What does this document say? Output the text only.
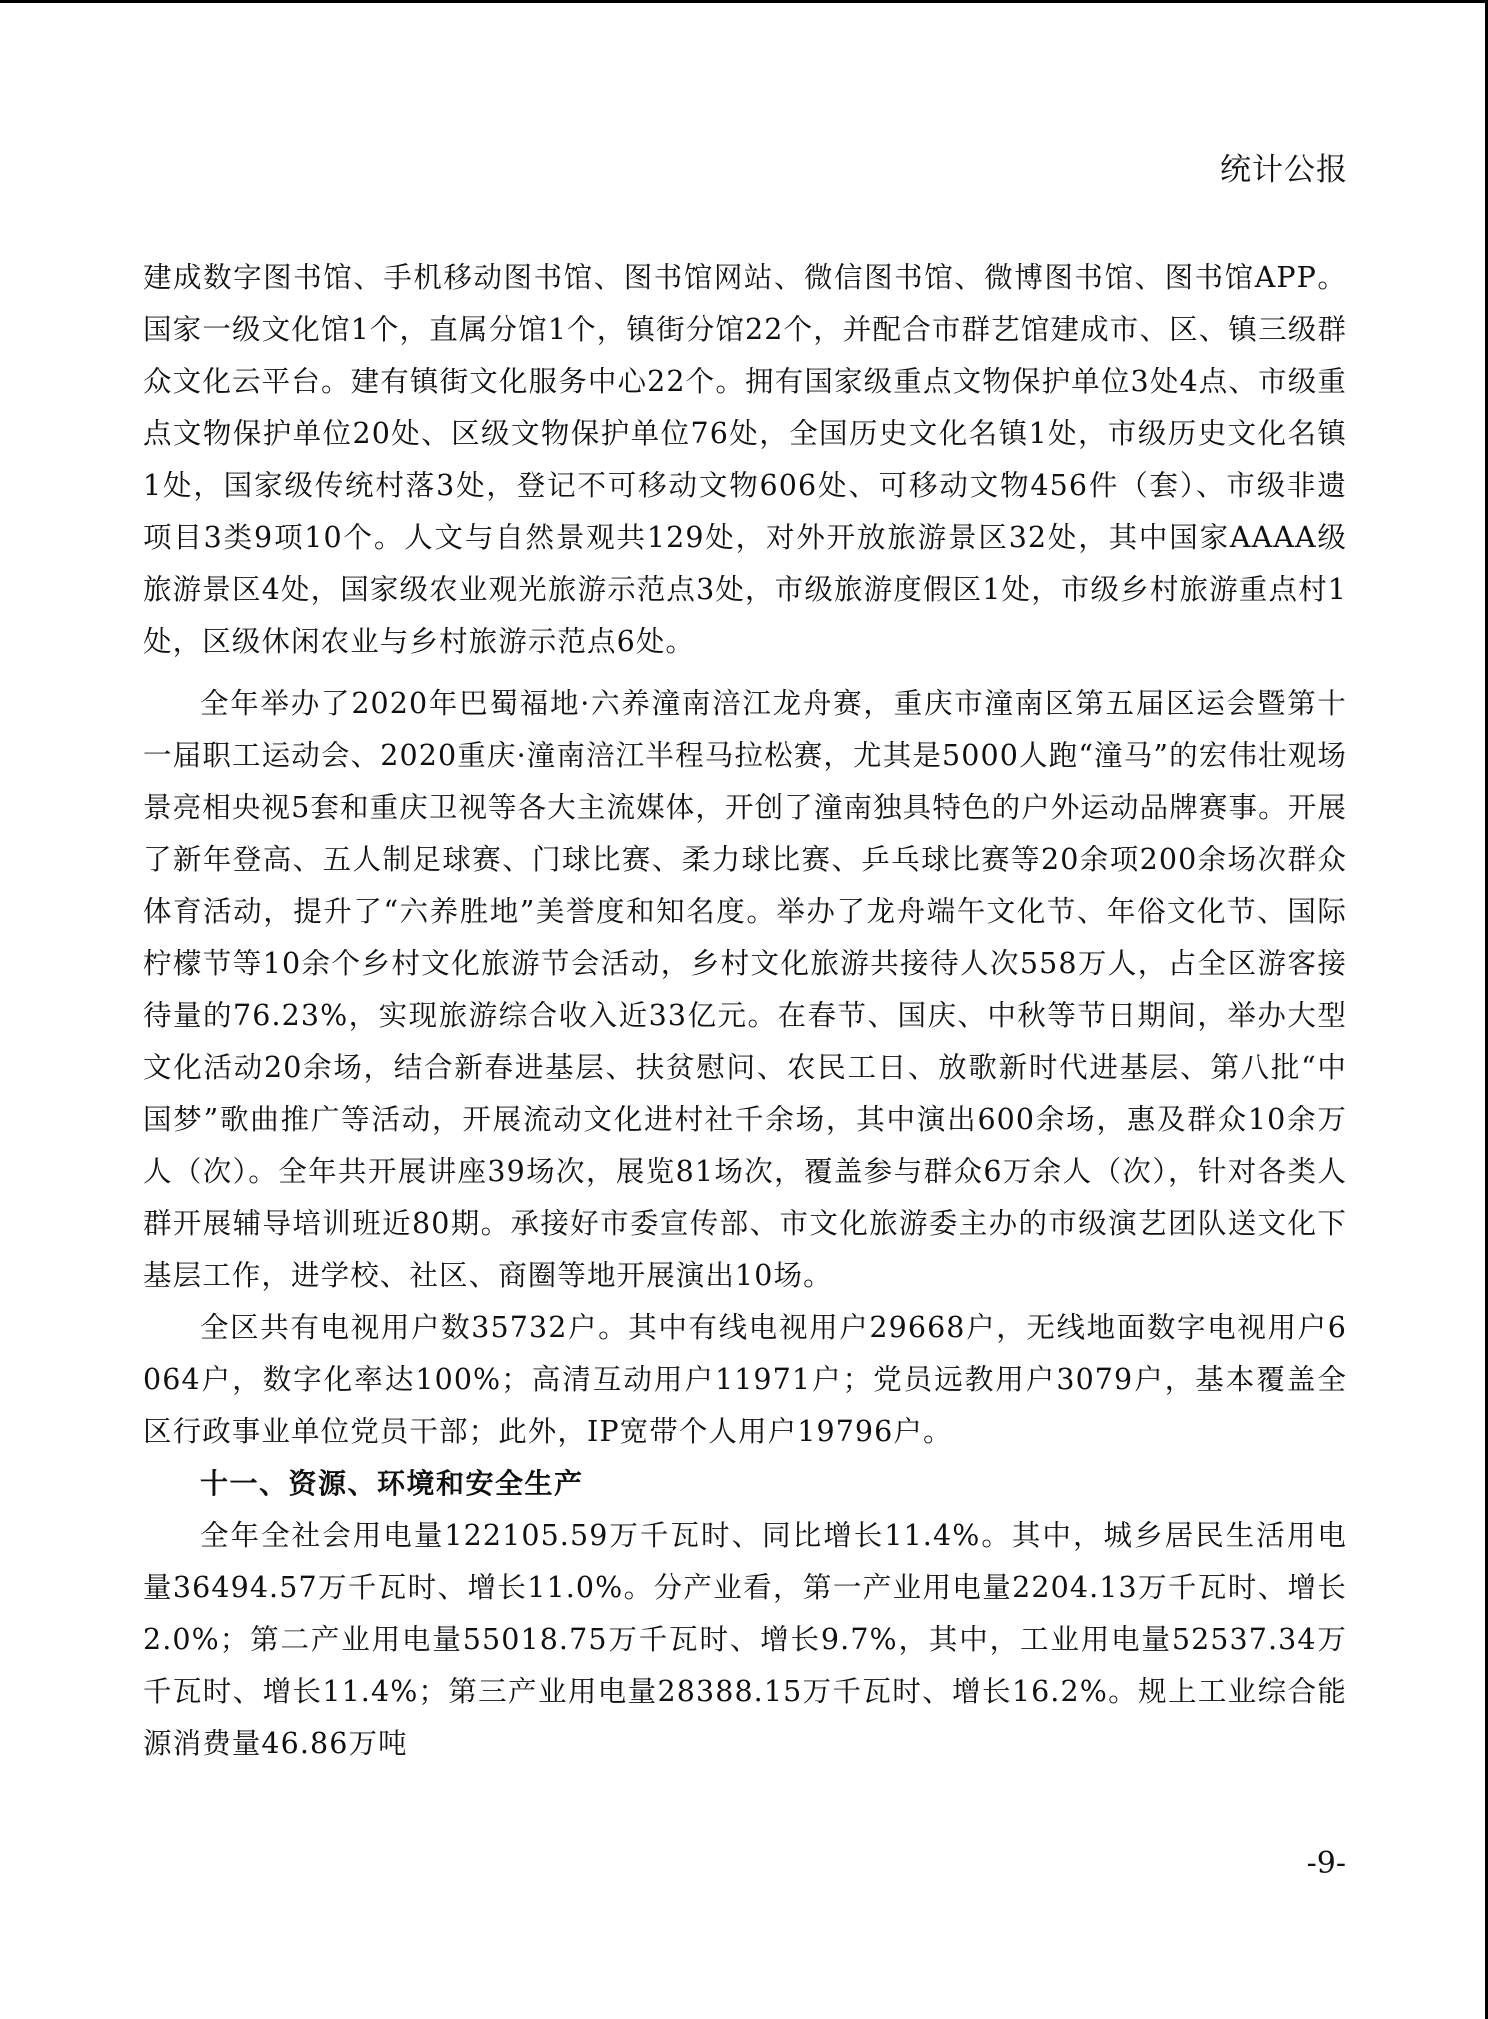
统计公报

建成数字图书馆、手机移动图书馆、图书馆网站、微信图书馆、微博图书馆、图书馆APP。国家一级文化馆1个，直属分馆1个，镇街分馆22个，并配合市群艺馆建成市、区、镇三级群众文化云平台。建有镇街文化服务中心22个。拥有国家级重点文物保护单位3处4点、市级重点文物保护单位20处、区级文物保护单位76处，全国历史文化名镇1处，市级历史文化名镇1处，国家级传统村落3处，登记不可移动文物606处、可移动文物456件（套）、市级非遗项目3类9项10个。人文与自然景观共129处，对外开放旅游景区32处，其中国家AAAA级旅游景区4处，国家级农业观光旅游示范点3处，市级旅游度假区1处，市级乡村旅游重点村1处，区级休闲农业与乡村旅游示范点6处。

全年举办了2020年巴蜀福地·六养潼南涪江龙舟赛，重庆市潼南区第五届区运会暨第十一届职工运动会、2020重庆·潼南涪江半程马拉松赛，尤其是5000人跑“潼马”的宏伟壮观场景亮相央视5套和重庆卫视等各大主流媒体，开创了潼南独具特色的户外运动品牌赛事。开展了新年登高、五人制足球赛、门球比赛、柔力球比赛、乒乓球比赛等20余项200余场次群众体育活动，提升了“六养胜地”美誉度和知名度。举办了龙舟端午文化节、年俗文化节、国际柠檬节等10余个乡村文化旅游节会活动，乡村文化旅游共接待人次558万人，占全区游客接待量的76.23%，实现旅游综合收入近33亿元。在春节、国庆、中秋等节日期间，举办大型文化活动20余场，结合新春进基层、扶贫慰问、农民工日、放歌新时代进基层、第八批“中国梦”歌曲推广等活动，开展流动文化进村社千余场，其中演出600余场，惠及群众10余万人（次）。全年共开展讲座39场次，展览81场次，覆盖参与群众6万余人（次），针对各类人群开展辅导培训班近80期。承接好市委宣传部、市文化旅游委主办的市级演艺团队送文化下基层工作，进学校、社区、商圈等地开展演出10场。

全区共有电视用户数35732户。其中有线电视用户29668户，无线地面数字电视用户6064户，数字化率达100%；高清互动用户11971户；党员远教用户3079户，基本覆盖全区行政事业单位党员干部；此外，IP宽带个人用户19796户。

十一、资源、环境和安全生产

全年全社会用电量122105.59万千瓦时、同比增长11.4%。其中，城乡居民生活用电量36494.57万千瓦时、增长11.0%。分产业看，第一产业用电量2204.13万千瓦时、增长2.0%；第二产业用电量55018.75万千瓦时、增长9.7%，其中，工业用电量52537.34万千瓦时、增长11.4%；第三产业用电量28388.15万千瓦时、增长16.2%。规上工业综合能源消费量46.86万吨

-9-
